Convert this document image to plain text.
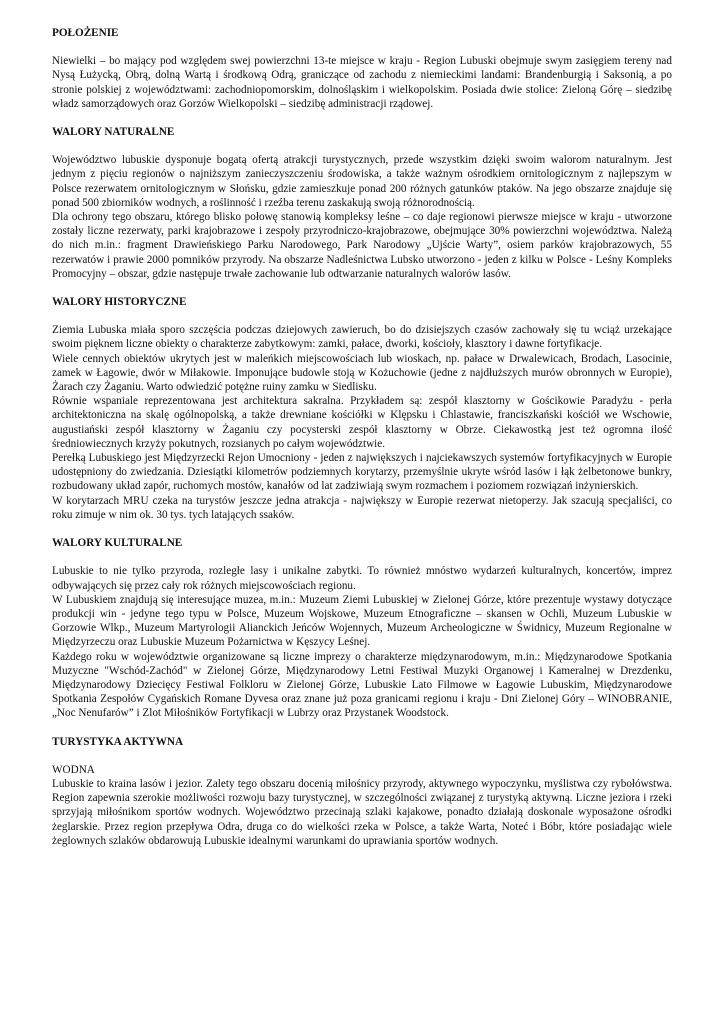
POŁOŻENIE

Niewielki – bo mający pod względem swej powierzchni 13-te miejsce w kraju - Region Lubuski obejmuje swym zasięgiem tereny nad Nysą Łużycką, Obrą, dolną Wartą i środkową Odrą, graniczące od zachodu z niemieckimi landami: Brandenburgią i Saksonią, a po stronie polskiej z województwami: zachodniopomorskim, dolnośląskim i wielkopolskim. Posiada dwie stolice: Zieloną Górę – siedzibę władz samorządowych oraz Gorzów Wielkopolski – siedzibę administracji rządowej.

WALORY NATURALNE

Województwo lubuskie dysponuje bogatą ofertą atrakcji turystycznych, przede wszystkim dzięki swoim walorom naturalnym. Jest jednym z pięciu regionów o najniższym zanieczyszczeniu środowiska, a także ważnym ośrodkiem ornitologicznym z najlepszym w Polsce rezerwatem ornitologicznym w Słońsku, gdzie zamieszkuje ponad 200 różnych gatunków ptaków. Na jego obszarze znajduje się ponad 500 zbiorników wodnych, a roślinność i rzeźba terenu zaskakują swoją różnorodnością.

Dla ochrony tego obszaru, którego blisko połowę stanowią kompleksy leśne – co daje regionowi pierwsze miejsce w kraju - utworzone zostały liczne rezerwaty, parki krajobrazowe i zespoły przyrodniczo-krajobrazowe, obejmujące 30% powierzchni województwa. Należą do nich m.in.: fragment Drawieńskiego Parku Narodowego, Park Narodowy „Ujście Warty”, osiem parków krajobrazowych, 55 rezerwatów i prawie 2000 pomników przyrody. Na obszarze Nadleśnictwa Lubsko utworzono - jeden z kilku w Polsce - Leśny Kompleks Promocyjny – obszar, gdzie następuje trwałe zachowanie lub odtwarzanie naturalnych walorów lasów.

WALORY HISTORYCZNE

Ziemia Lubuska miała sporo szczęścia podczas dziejowych zawieruch, bo do dzisiejszych czasów zachowały się tu wciąż urzekające swoim pięknem liczne obiekty o charakterze zabytkowym: zamki, pałace, dworki, kościoły, klasztory i dawne fortyfikacje.

Wiele cennych obiektów ukrytych jest w maleńkich miejscowościach lub wioskach, np. pałace w Drwalewicach, Brodach, Lasocinie, zamek w Łagowie, dwór w Miłakowie. Imponujące budowle stoją w Kożuchowie (jedne z najdłuższych murów obronnych w Europie), Żarach czy Żaganiu. Warto odwiedzić potężne ruiny zamku w Siedlisku.

Równie wspaniale reprezentowana jest architektura sakralna. Przykładem są: zespół klasztorny w Gościkowie Paradyżu - perła architektoniczna na skalę ogólnopolską, a także drewniane kościółki w Klępsku i Chlastawie, franciszkański kościół we Wschowie, augustiański zespół klasztorny w Żaganiu czy pocysterski zespół klasztorny w Obrze. Ciekawostką jest też ogromna ilość średniowiecznych krzyży pokutnych, rozsianych po całym województwie.

Perełką Lubuskiego jest Międzyrzecki Rejon Umocniony - jeden z największych i najciekawszych systemów fortyfikacyjnych w Europie udostępniony do zwiedzania. Dziesiątki kilometrów podziemnych korytarzy, przemyślnie ukryte wśród lasów i łąk żelbetonowe bunkry, rozbudowany układ zapór, ruchomych mostów, kanałów od lat zadziwiają swym rozmachem i poziomem rozwiązań inżynierskich.

W korytarzach MRU czeka na turystów jeszcze jedna atrakcja - największy w Europie rezerwat nietoperzy. Jak szacują specjaliści, co roku zimuje w nim ok. 30 tys. tych latających ssaków.

WALORY KULTURALNE

Lubuskie to nie tylko przyroda, rozległe lasy i unikalne zabytki. To również mnóstwo wydarzeń kulturalnych, koncertów, imprez odbywających się przez cały rok różnych miejscowościach regionu.

W Lubuskiem znajdują się interesujące muzea, m.in.: Muzeum Ziemi Lubuskiej w Zielonej Górze, które prezentuje wystawy dotyczące produkcji win - jedyne tego typu w Polsce, Muzeum Wojskowe, Muzeum Etnograficzne – skansen w Ochli, Muzeum Lubuskie w Gorzowie Wlkp., Muzeum Martyrologii Alianckich Jeńców Wojennych, Muzeum Archeologiczne w Świdnicy, Muzeum Regionalne w Międzyrzeczu oraz Lubuskie Muzeum Pożarnictwa w Kęszycy Leśnej.

Każdego roku w województwie organizowane są liczne imprezy o charakterze międzynarodowym, m.in.: Międzynarodowe Spotkania Muzyczne "Wschód-Zachód" w Zielonej Górze, Międzynarodowy Letni Festiwal Muzyki Organowej i Kameralnej w Drezdenku, Międzynarodowy Dziecięcy Festiwal Folkloru w Zielonej Górze, Lubuskie Lato Filmowe w Łagowie Lubuskim, Międzynarodowe Spotkania Zespołów Cygańskich Romane Dyvesa oraz znane już poza granicami regionu i kraju - Dni Zielonej Góry – WINOBRANIE, „Noc Nenufarów” i Zlot Miłośników Fortyfikacji w Lubrzy oraz Przystanek Woodstock.

TURYSTYKA AKTYWNA

WODNA

Lubuskie to kraina lasów i jezior. Zalety tego obszaru docenią miłośnicy przyrody, aktywnego wypoczynku, myślistwa czy rybołówstwa. Region zapewnia szerokie możliwości rozwoju bazy turystycznej, w szczególności związanej z turystyką aktywną. Liczne jeziora i rzeki sprzyjają miłośnikom sportów wodnych. Województwo przecinają szlaki kajakowe, ponadto działają doskonale wyposażone ośrodki żeglarskie. Przez region przepływa Odra, druga co do wielkości rzeka w Polsce, a także Warta, Noteć i Bóbr, które posiadając wiele żeglownych szlaków obdarowują Lubuskie idealnymi warunkami do uprawiania sportów wodnych.
